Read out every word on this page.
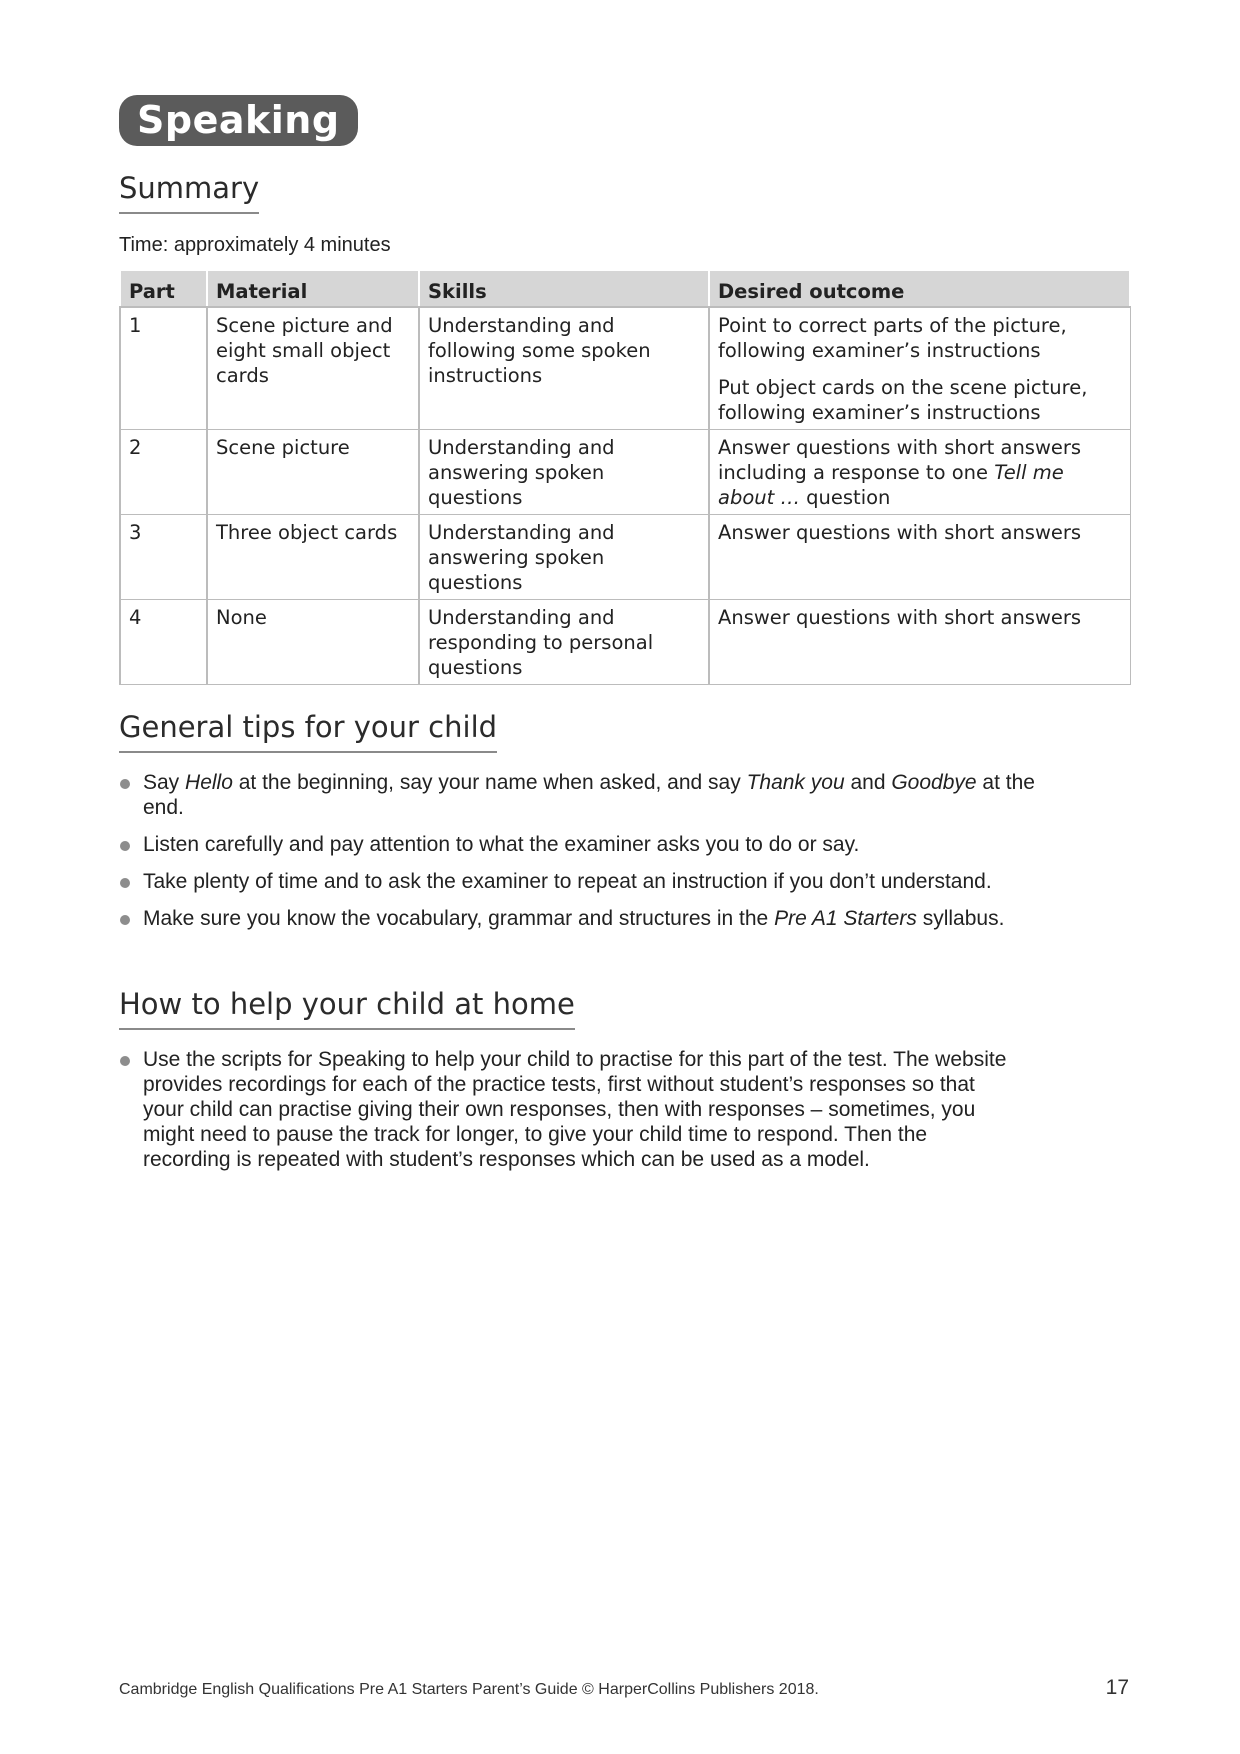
Speaking
Summary
Time: approximately 4 minutes
Part	Material	Skills	Desired outcome
1	Scene picture and eight small object cards	Understanding and following some spoken instructions	Point to correct parts of the picture, following examiner’s instructions

Put object cards on the scene picture, following examiner’s instructions

2	Scene picture	Understanding and answering spoken questions	Answer questions with short answers including a response to one Tell me about … question

3	Three object cards	Understanding and answering spoken questions	Answer questions with short answers

4	None	Understanding and responding to personal questions	Answer questions with short answers

General tips for your child
Say Hello at the beginning, say your name when asked, and say Thank you and Goodbye at the end.
Listen carefully and pay attention to what the examiner asks you to do or say.
Take plenty of time and to ask the examiner to repeat an instruction if you don’t understand.
Make sure you know the vocabulary, grammar and structures in the Pre A1 Starters syllabus.
How to help your child at home
Use the scripts for Speaking to help your child to practise for this part of the test. The website provides recordings for each of the practice tests, first without student’s responses so that your child can practise giving their own responses, then with responses – sometimes, you might need to pause the track for longer, to give your child time to respond. Then the recording is repeated with student’s responses which can be used as a model.
Cambridge English Qualifications Pre A1 Starters Parent’s Guide © HarperCollins Publishers 2018.	17
